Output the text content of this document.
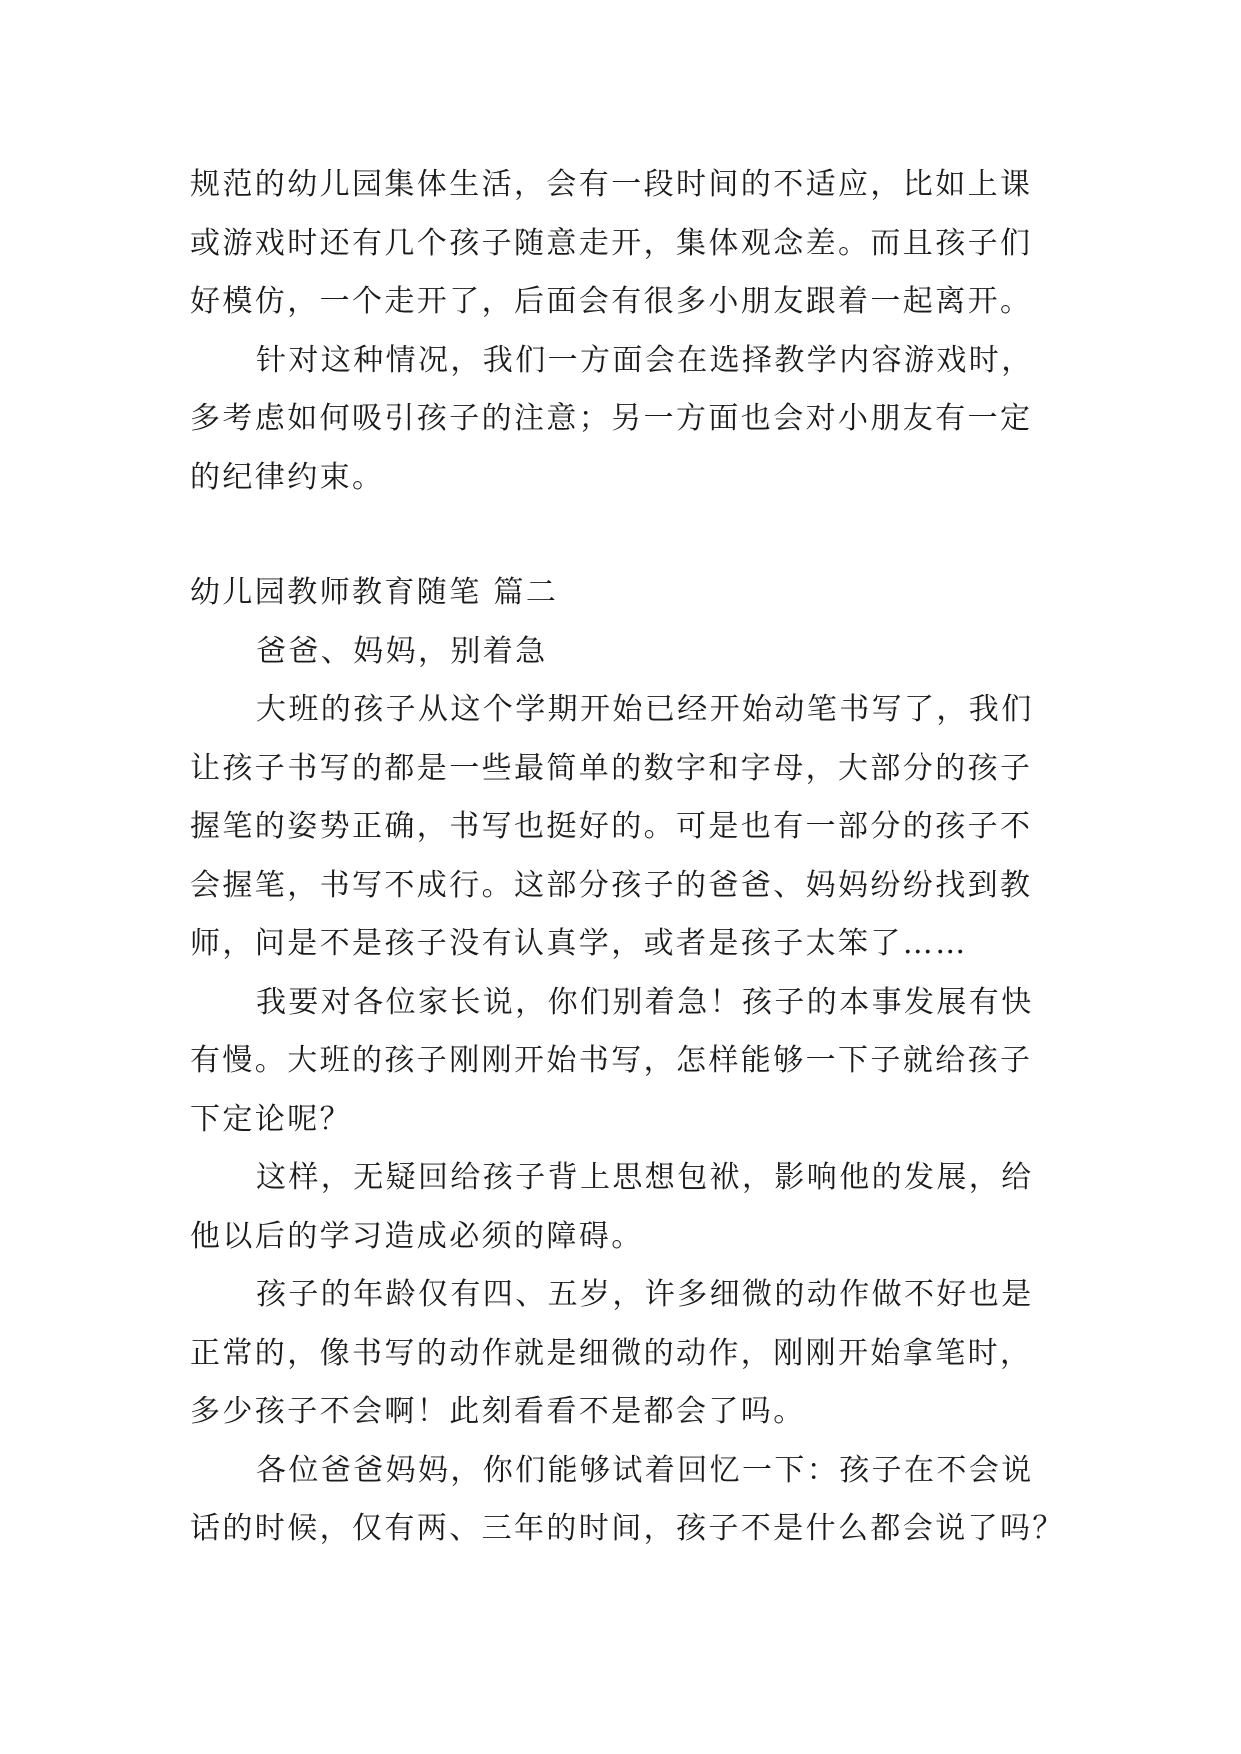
规范的幼儿园集体生活，会有一段时间的不适应，比如上课
或游戏时还有几个孩子随意走开，集体观念差。而且孩子们
好模仿，一个走开了，后面会有很多小朋友跟着一起离开。
针对这种情况，我们一方面会在选择教学内容游戏时，
多考虑如何吸引孩子的注意；另一方面也会对小朋友有一定
的纪律约束。
幼儿园教师教育随笔 篇二
爸爸、妈妈，别着急
大班的孩子从这个学期开始已经开始动笔书写了，我们
让孩子书写的都是一些最简单的数字和字母，大部分的孩子
握笔的姿势正确，书写也挺好的。可是也有一部分的孩子不
会握笔，书写不成行。这部分孩子的爸爸、妈妈纷纷找到教
师，问是不是孩子没有认真学，或者是孩子太笨了……
我要对各位家长说，你们别着急！孩子的本事发展有快
有慢。大班的孩子刚刚开始书写，怎样能够一下子就给孩子
下定论呢？
这样，无疑回给孩子背上思想包袱，影响他的发展，给
他以后的学习造成必须的障碍。
孩子的年龄仅有四、五岁，许多细微的动作做不好也是
正常的，像书写的动作就是细微的动作，刚刚开始拿笔时，
多少孩子不会啊！此刻看看不是都会了吗。
各位爸爸妈妈，你们能够试着回忆一下：孩子在不会说
话的时候，仅有两、三年的时间，孩子不是什么都会说了吗？
